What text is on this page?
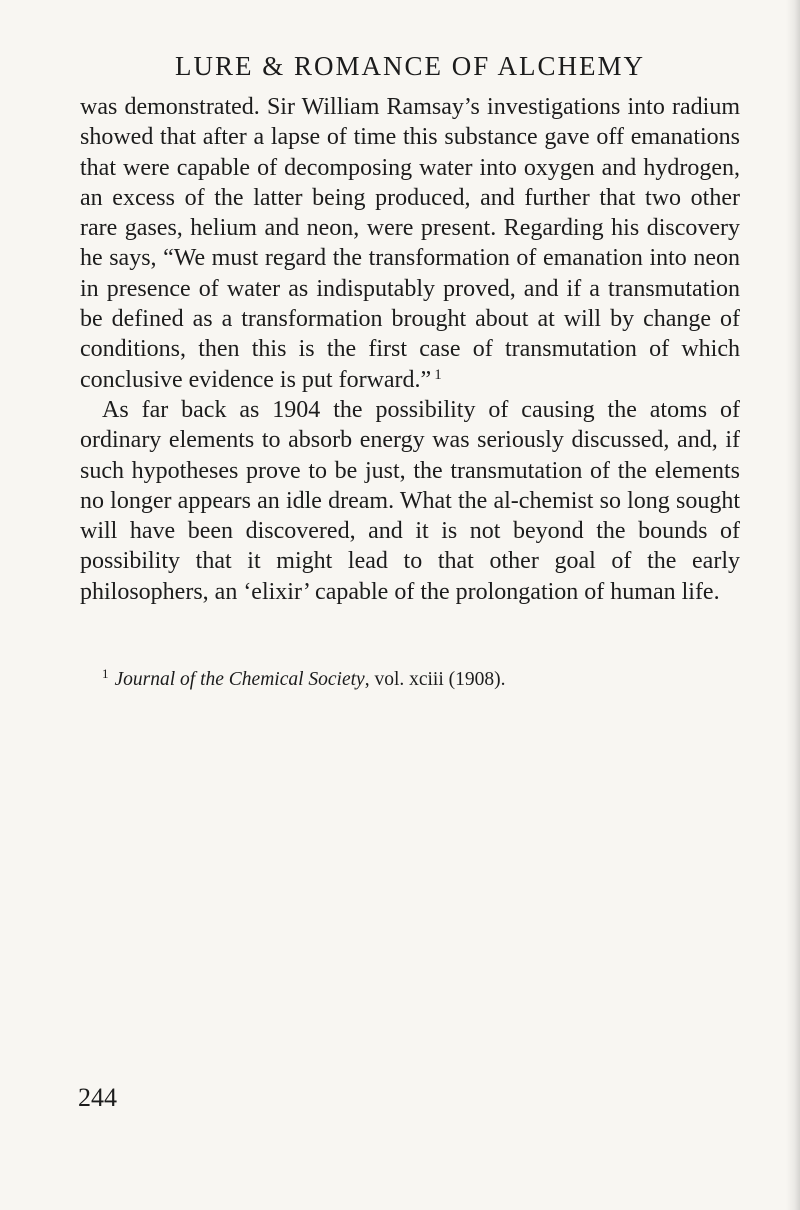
LURE & ROMANCE OF ALCHEMY

was demonstrated. Sir William Ramsay’s investigations into radium showed that after a lapse of time this substance gave off emanations that were capable of decomposing water into oxygen and hydrogen, an excess of the latter being produced, and further that two other rare gases, helium and neon, were present. Regarding his discovery he says, “We must regard the transformation of emanation into neon in presence of water as indisputably proved, and if a transmutation be defined as a transformation brought about at will by change of conditions, then this is the first case of transmutation of which conclusive evidence is put forward.” $^1$

As far back as 1904 the possibility of causing the atoms of ordinary elements to absorb energy was seriously discussed, and, if such hypotheses prove to be just, the transmutation of the elements no longer appears an idle dream. What the al-chemist so long sought will have been discovered, and it is not beyond the bounds of possibility that it might lead to that other goal of the early philosophers, an ‘elixir’ capable of the prolongation of human life.

$^1$ Journal of the Chemical Society, vol. xciii (1908).
244
